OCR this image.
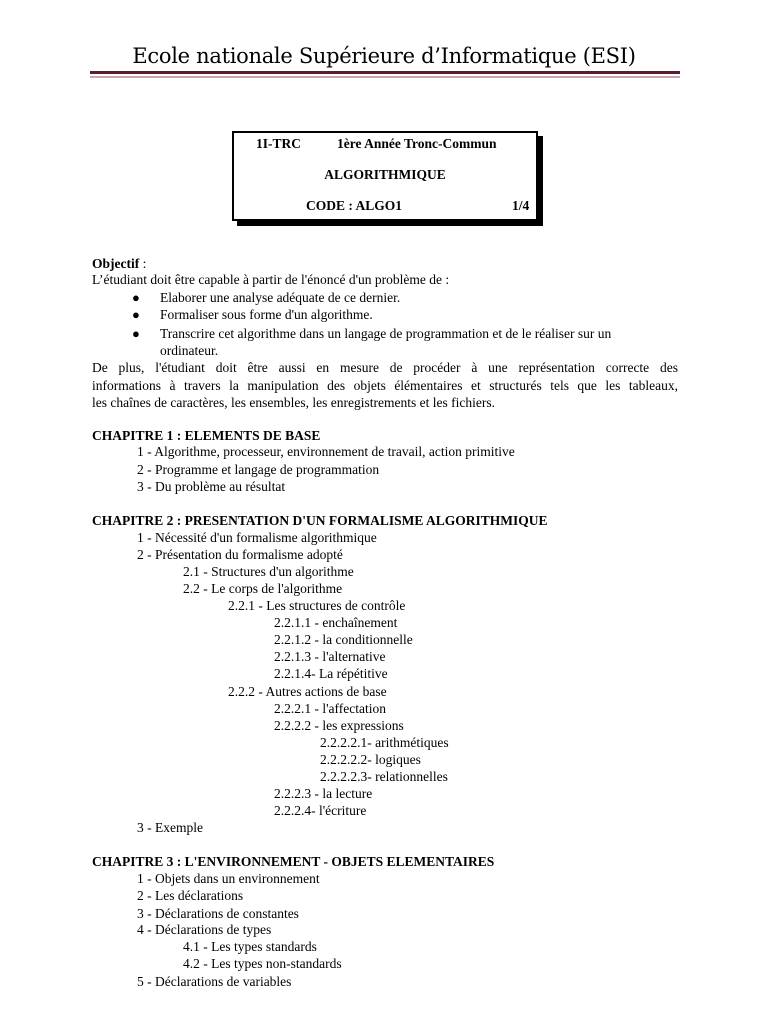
Ecole nationale Supérieure d’Informatique (ESI)
1I-TRC	1ère Année Tronc-Commun
ALGORITHMIQUE
CODE : ALGO1	1/4
Objectif :
L’étudiant doit être capable à partir de l'énoncé d'un problème de :
● Elaborer une analyse adéquate de ce dernier.
● Formaliser sous forme d'un algorithme.
● Transcrire cet algorithme dans un langage de programmation et de le réaliser sur un
ordinateur.
De plus, l'étudiant doit être aussi en mesure de procéder à une représentation correcte des
informations à travers la manipulation des objets élémentaires et structurés tels que les tableaux,
les chaînes de caractères, les ensembles, les enregistrements et les fichiers.
CHAPITRE 1 : ELEMENTS DE BASE
1 - Algorithme, processeur, environnement de travail, action primitive
2 - Programme et langage de programmation
3 - Du problème au résultat
CHAPITRE 2 : PRESENTATION D'UN FORMALISME ALGORITHMIQUE
1 - Nécessité d'un formalisme algorithmique
2 - Présentation du formalisme adopté
2.1 - Structures d'un algorithme
2.2 - Le corps de l'algorithme
2.2.1 - Les structures de contrôle
2.2.1.1 - enchaînement
2.2.1.2 - la conditionnelle
2.2.1.3 - l'alternative
2.2.1.4- La répétitive
2.2.2 - Autres actions de base
2.2.2.1 - l'affectation
2.2.2.2 - les expressions
2.2.2.2.1- arithmétiques
2.2.2.2.2- logiques
2.2.2.2.3- relationnelles
2.2.2.3 - la lecture
2.2.2.4- l'écriture
3 - Exemple
CHAPITRE 3 : L'ENVIRONNEMENT - OBJETS ELEMENTAIRES
1 - Objets dans un environnement
2 - Les déclarations
3 - Déclarations de constantes
4 - Déclarations de types
4.1 - Les types standards
4.2 - Les types non-standards
5 - Déclarations de variables
